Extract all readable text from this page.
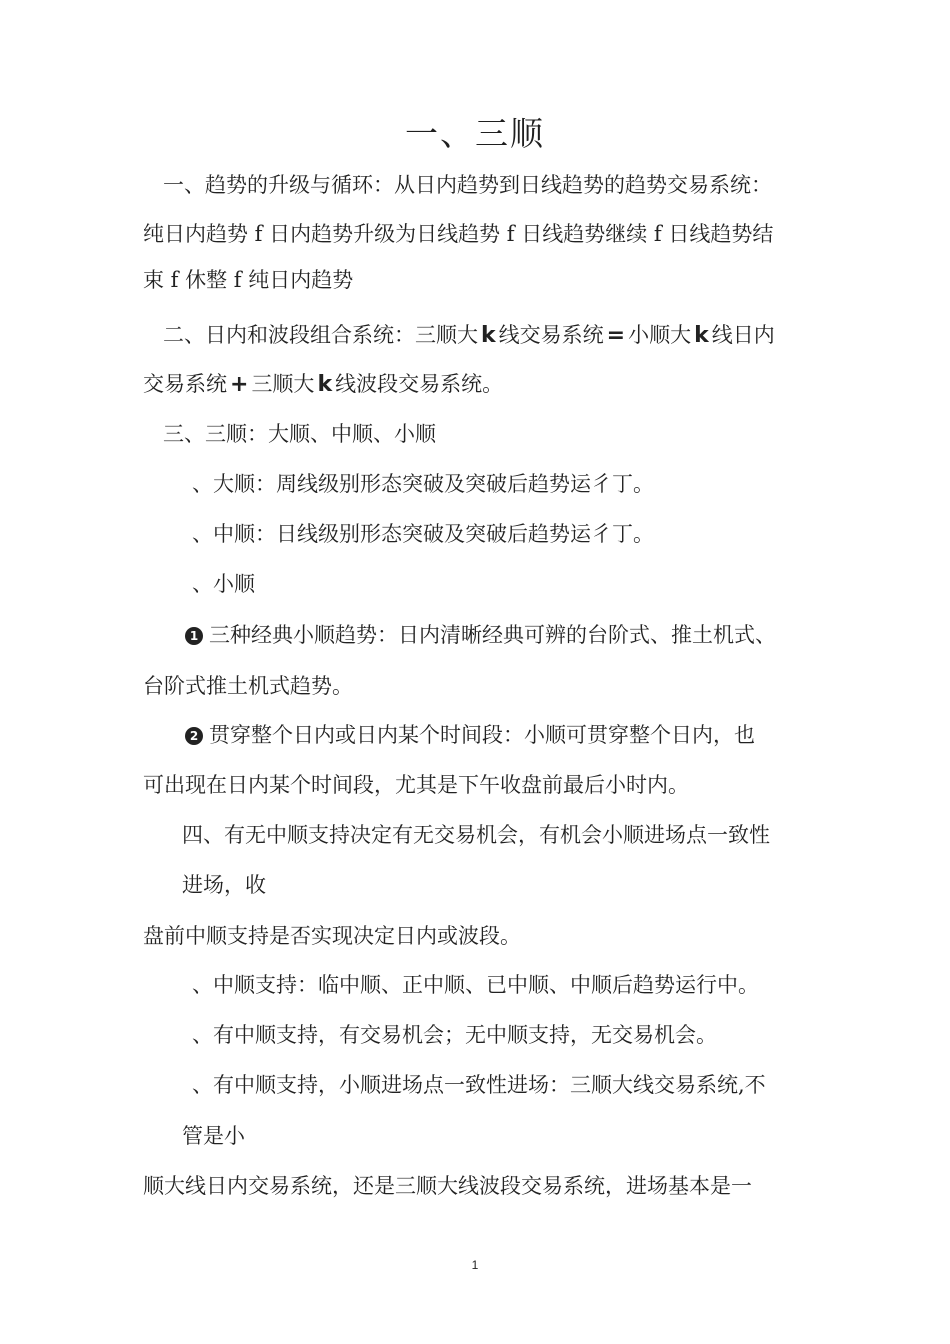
一、三顺
一、趋势的升级与循环：从日内趋势到日线趋势的趋势交易系统：
纯日内趋势 f 日内趋势升级为日线趋势 f 日线趋势继续 f 日线趋势结
束 f 休整 f 纯日内趋势
二、日内和波段组合系统：三顺大 k 线交易系统 = 小顺大 k 线日内
交易系统 + 三顺大 k 线波段交易系统。
三、三顺：大顺、中顺、小顺
、大顺：周线级别形态突破及突破后趋势运彳丁。
、中顺：日线级别形态突破及突破后趋势运彳丁。
、小顺
1 三种经典小顺趋势：日内清晰经典可辨的台阶式、推土机式、
台阶式推土机式趋势。
2 贯穿整个日内或日内某个时间段：小顺可贯穿整个日内，也
可出现在日内某个时间段，尤其是下午收盘前最后小时内。
四、有无中顺支持决定有无交易机会，有机会小顺进场点一致性
进场，收
盘前中顺支持是否实现决定日内或波段。
、中顺支持：临中顺、正中顺、已中顺、中顺后趋势运行中。
、有中顺支持，有交易机会；无中顺支持，无交易机会。
、有中顺支持，小顺进场点一致性进场：三顺大线交易系统,不
管是小
顺大线日内交易系统，还是三顺大线波段交易系统，进场基本是一
1
